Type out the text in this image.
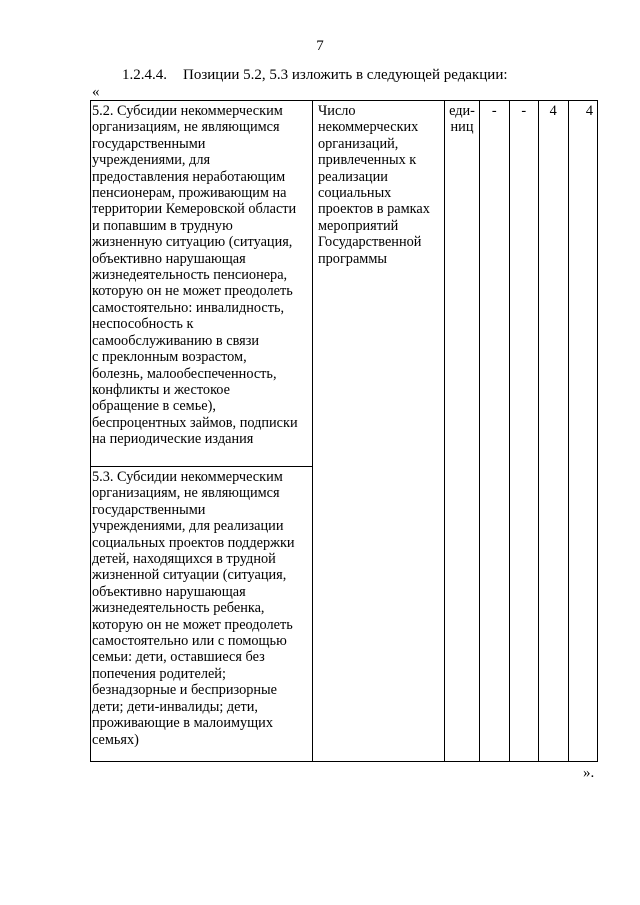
7
1.2.4.4. Позиции 5.2, 5.3 изложить в следующей редакции:
«
5.2. Субсидии некоммерческим
организациям, не являющимся
государственными
учреждениями, для
предоставления неработающим
пенсионерам, проживающим на
территории Кемеровской области
и попавшим в трудную
жизненную ситуацию (ситуация,
объективно нарушающая
жизнедеятельность пенсионера,
которую он не может преодолеть
самостоятельно: инвалидность,
неспособность к
самообслуживанию в связи
с преклонным возрастом,
болезнь, малообеспеченность,
конфликты и жестокое
обращение в семье),
беспроцентных займов, подписки
на периодические издания	Число
некоммерческих
организаций,
привлеченных к
реализации
социальных
проектов в рамках
мероприятий
Государственной
программы	еди-
ниц	-	-	4	4
5.3. Субсидии некоммерческим
организациям, не являющимся
государственными
учреждениями, для реализации
социальных проектов поддержки
детей, находящихся в трудной
жизненной ситуации (ситуация,
объективно нарушающая
жизнедеятельность ребенка,
которую он не может преодолеть
самостоятельно или с помощью
семьи: дети, оставшиеся без
попечения родителей;
безнадзорные и беспризорные
дети; дети-инвалиды; дети,
проживающие в малоимущих
семьях)
».
